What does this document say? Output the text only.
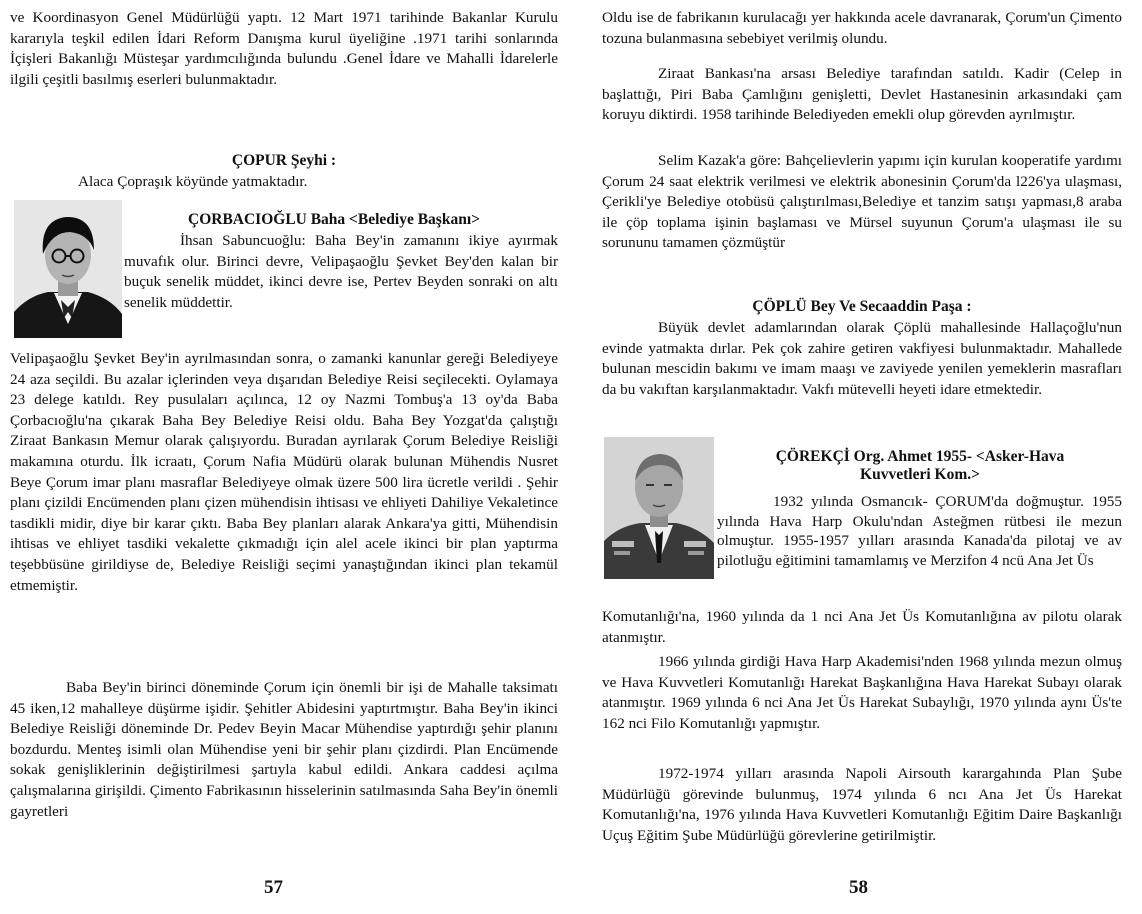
ve Koordinasyon Genel Müdürlüğü yaptı. 12 Mart 1971 tarihinde Bakanlar Kurulu kararıyla teşkil edilen İdari Reform Danışma kurul üyeliğine .1971 tarihi sonlarında İçişleri Bakanlığı Müsteşar yardımcılığında bulundu .Genel İdare ve Mahalli İdarelerle ilgili çeşitli basılmış eserleri bulunmaktadır.

ÇOPUR Şeyhi :
Alaca Çopraşık köyünde yatmaktadır.
ÇORBACIOĞLU Baha <Belediye Başkanı>

İhsan Sabuncuoğlu: Baha Bey'in zamanını ikiye ayırmak muvafık olur. Birinci devre, Velipaşaoğlu Şevket Bey'den kalan bir buçuk senelik müddet, ikinci devre ise, Pertev Beyden sonraki on altı senelik müddettir.

Velipaşaoğlu Şevket Bey'in ayrılmasından sonra, o zamanki kanunlar gereği Belediyeye 24 aza seçildi. Bu azalar içlerinden veya dışarıdan Belediye Reisi seçilecekti. Oylamaya 23 delege katıldı. Rey pusulaları açılınca, 12 oy Nazmi Tombuş'a 13 oy'da Baba Çorbacıoğlu'na çıkarak Baha Bey Belediye Reisi oldu. Baha Bey Yozgat'da çalıştığı Ziraat Bankasın Memur olarak çalışıyordu. Buradan ayrılarak Çorum Belediye Reisliği makamına oturdu. İlk icraatı, Çorum Nafia Müdürü olarak bulunan Mühendis Nusret Beye Çorum imar planı masraflar Belediyeye olmak üzere 500 lira ücretle verildi . Şehir planı çizildi Encümenden planı çizen mühendisin ihtisası ve ehliyeti Dahiliye Vekaletince tasdikli midir, diye bir karar çıktı. Baba Bey planları alarak Ankara'ya gitti, Mühendisin ihtisas ve ehliyet tasdiki vekalette çıkmadığı için alel acele ikinci bir plan yaptırma teşebbüsüne girildiyse de, Belediye Reisliği seçimi yanaştığından ikinci plan tekamül etmemiştir.

Baba Bey'in birinci döneminde Çorum için önemli bir işi de Mahalle taksimatı 45 iken,12 mahalleye düşürme işidir. Şehitler Abidesini yaptırtmıştır. Baha Bey'in ikinci Belediye Reisliği döneminde Dr. Pedev Beyin Macar Mühendise yaptırdığı şehir planını bozdurdu. Menteş isimli olan Mühendise yeni bir şehir planı çizdirdi. Plan Encümende sokak genişliklerinin değiştirilmesi şartıyla kabul edildi. Ankara caddesi açılma çalışmalarına girişildi. Çimento Fabrikasının hisselerinin satılmasında Saha Bey'in önemli gayretleri

57

Oldu ise de fabrikanın kurulacağı yer hakkında acele davranarak, Çorum'un Çimento tozuna bulanmasına sebebiyet verilmiş olundu.

Ziraat Bankası'na arsası Belediye tarafından satıldı. Kadir (Celep in başlattığı, Piri Baba Çamlığını genişletti, Devlet Hastanesinin arkasındaki çam koruyu diktirdi. 1958 tarihinde Belediyeden emekli olup görevden ayrılmıştır.

Selim Kazak'a göre: Bahçelievlerin yapımı için kurulan kooperatife yardımı Çorum 24 saat elektrik verilmesi ve elektrik abonesinin Çorum'da l226'ya ulaşması, Çerikli'ye Belediye otobüsü çalıştırılması,Belediye et tanzim satışı yapması,8 araba ile çöp toplama işinin başlaması ve Mürsel suyunun Çorum'a ulaşması ile su sorununu tamamen çözmüştür

ÇÖPLÜ Bey Ve Secaaddin Paşa :

Büyük devlet adamlarından olarak Çöplü mahallesinde Hallaçoğlu'nun evinde yatmakta dırlar. Pek çok zahire getiren vakfiyesi bulunmaktadır. Mahallede bulunan mescidin bakımı ve imam maaşı ve zaviyede yenilen yemeklerin masrafları da bu vakıftan karşılanmaktadır. Vakfı mütevelli heyeti idare etmektedir.

ÇÖREKÇİ Org. Ahmet 1955- <Asker-Hava
Kuvvetleri Kom.>

1932 yılında Osmancık- ÇORUM'da doğmuştur. 1955 yılında Hava Harp Okulu'ndan Asteğmen rütbesi ile mezun olmuştur. 1955-1957 yılları arasında Kanada'da pilotaj ve av pilotluğu eğitimini tamamlamış ve Merzifon 4 ncü Ana Jet Üs

Komutanlığı'na, 1960 yılında da 1 nci Ana Jet Üs Komutanlığına av pilotu olarak atanmıştır.

1966 yılında girdiği Hava Harp Akademisi'nden 1968 yılında mezun olmuş ve Hava Kuvvetleri Komutanlığı Harekat Başkanlığına Hava Harekat Subayı olarak atanmıştır. 1969 yılında 6 nci Ana Jet Üs Harekat Subaylığı, 1970 yılında aynı Üs'te 162 nci Filo Komutanlığı yapmıştır.

1972-1974 yılları arasında Napoli Airsouth karargahında Plan Şube Müdürlüğü görevinde bulunmuş, 1974 yılında 6 ncı Ana Jet Üs Harekat Komutanlığı'na, 1976 yılında Hava Kuvvetleri Komutanlığı Eğitim Daire Başkanlığı Uçuş Eğitim Şube Müdürlüğü görevlerine getirilmiştir.

58
